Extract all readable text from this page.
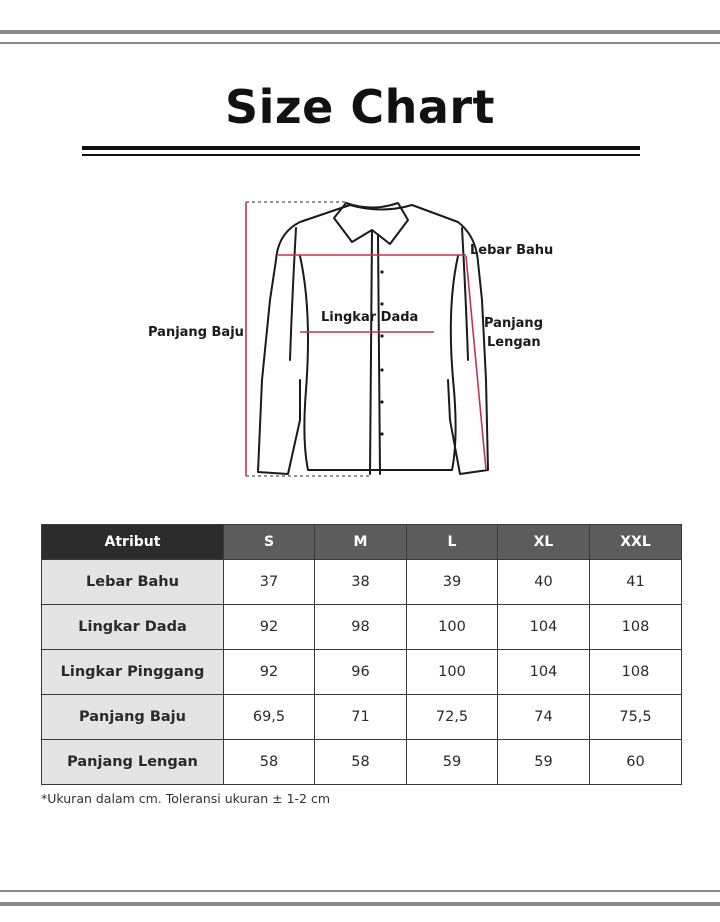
Size Chart
Lebar Bahu
Lingkar Dada
Panjang Baju
Panjang
Lengan
Atribut	S	M	L	XL	XXL
Lebar Bahu	37	38	39	40	41
Lingkar Dada	92	98	100	104	108
Lingkar Pinggang	92	96	100	104	108
Panjang Baju	69,5	71	72,5	74	75,5
Panjang Lengan	58	58	59	59	60
*Ukuran dalam cm. Toleransi ukuran ± 1-2 cm
